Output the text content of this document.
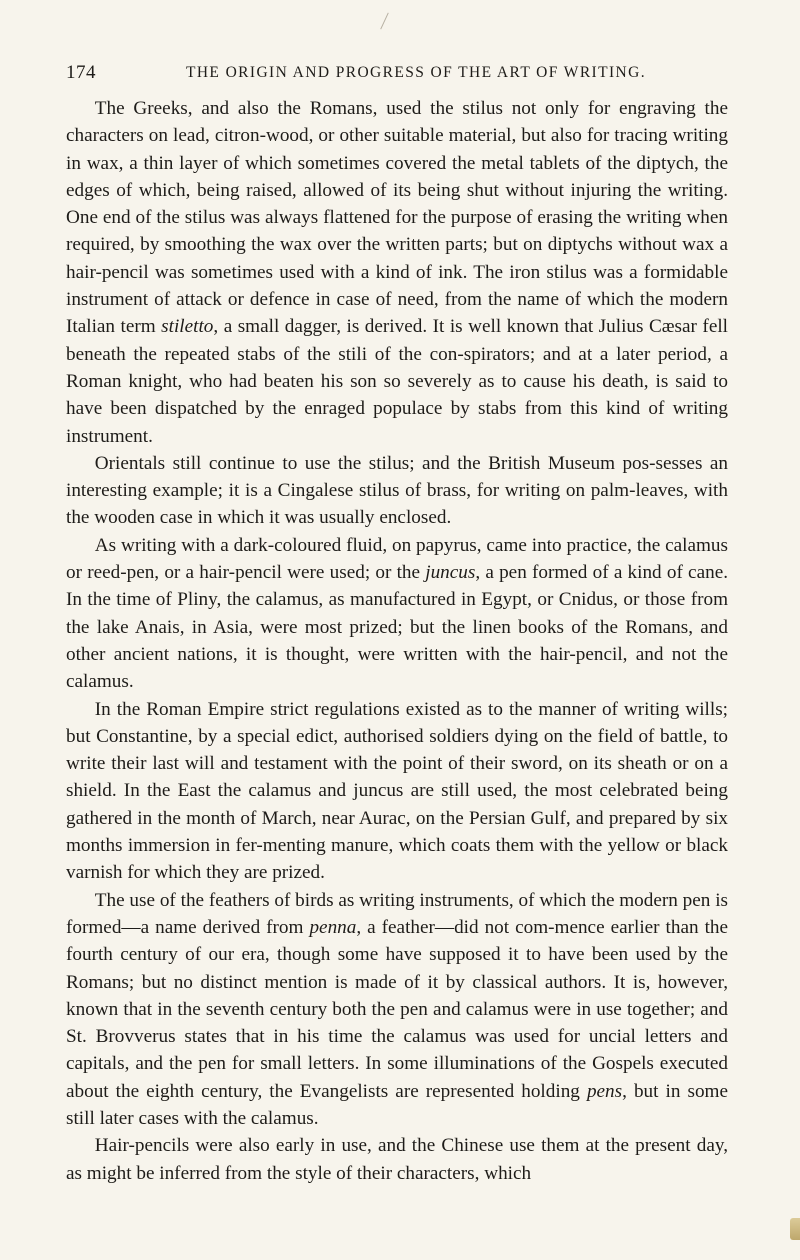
174	THE ORIGIN AND PROGRESS OF THE ART OF WRITING.

The Greeks, and also the Romans, used the stilus not only for engraving the characters on lead, citron-wood, or other suitable material, but also for tracing writing in wax, a thin layer of which sometimes covered the metal tablets of the diptych, the edges of which, being raised, allowed of its being shut without injuring the writing. One end of the stilus was always flattened for the purpose of erasing the writing when required, by smoothing the wax over the written parts; but on diptychs without wax a hair-pencil was sometimes used with a kind of ink. The iron stilus was a formidable instrument of attack or defence in case of need, from the name of which the modern Italian term stiletto, a small dagger, is derived. It is well known that Julius Cæsar fell beneath the repeated stabs of the stili of the con-spirators; and at a later period, a Roman knight, who had beaten his son so severely as to cause his death, is said to have been dispatched by the enraged populace by stabs from this kind of writing instrument.

Orientals still continue to use the stilus; and the British Museum pos-sesses an interesting example; it is a Cingalese stilus of brass, for writing on palm-leaves, with the wooden case in which it was usually enclosed.

As writing with a dark-coloured fluid, on papyrus, came into practice, the calamus or reed-pen, or a hair-pencil were used; or the juncus, a pen formed of a kind of cane. In the time of Pliny, the calamus, as manufactured in Egypt, or Cnidus, or those from the lake Anais, in Asia, were most prized; but the linen books of the Romans, and other ancient nations, it is thought, were written with the hair-pencil, and not the calamus.

In the Roman Empire strict regulations existed as to the manner of writing wills; but Constantine, by a special edict, authorised soldiers dying on the field of battle, to write their last will and testament with the point of their sword, on its sheath or on a shield. In the East the calamus and juncus are still used, the most celebrated being gathered in the month of March, near Aurac, on the Persian Gulf, and prepared by six months immersion in fer-menting manure, which coats them with the yellow or black varnish for which they are prized.

The use of the feathers of birds as writing instruments, of which the modern pen is formed—a name derived from penna, a feather—did not com-mence earlier than the fourth century of our era, though some have supposed it to have been used by the Romans; but no distinct mention is made of it by classical authors. It is, however, known that in the seventh century both the pen and calamus were in use together; and St. Brovverus states that in his time the calamus was used for uncial letters and capitals, and the pen for small letters. In some illuminations of the Gospels executed about the eighth century, the Evangelists are represented holding pens, but in some still later cases with the calamus.

Hair-pencils were also early in use, and the Chinese use them at the present day, as might be inferred from the style of their characters, which
